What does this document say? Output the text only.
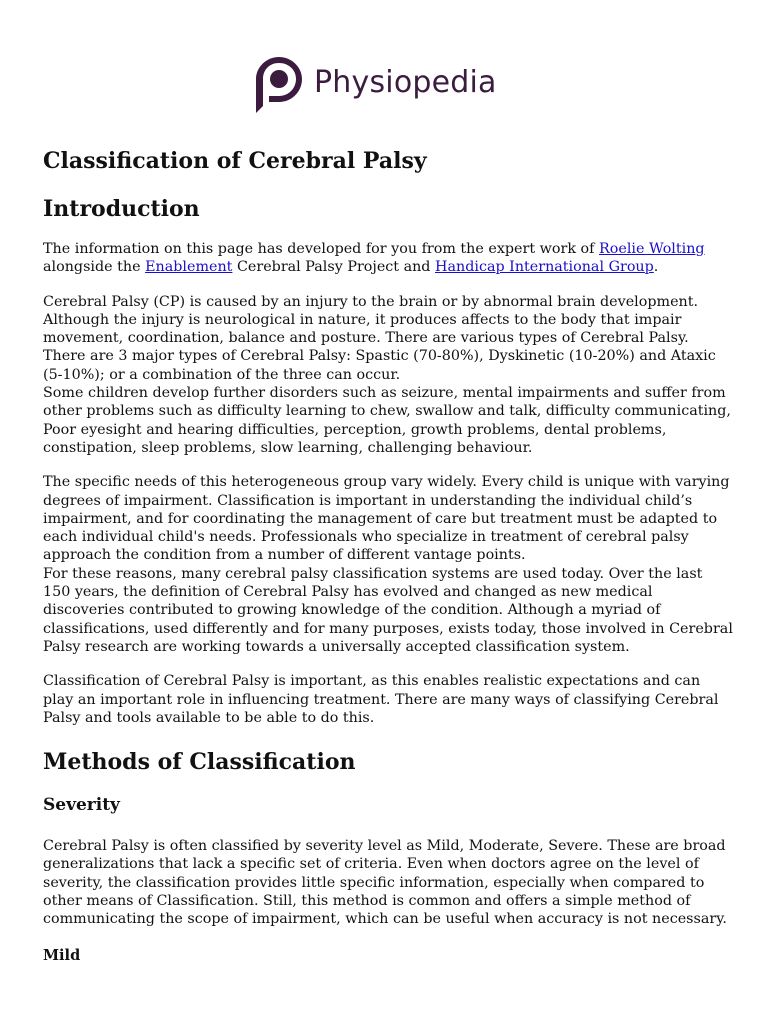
Physiopedia
Classification of Cerebral Palsy
Introduction

The information on this page has developed for you from the expert work of Roelie Wolting alongside the Enablement Cerebral Palsy Project and Handicap International Group.

Cerebral Palsy (CP) is caused by an injury to the brain or by abnormal brain development. Although the injury is neurological in nature, it produces affects to the body that impair movement, coordination, balance and posture. There are various types of Cerebral Palsy. There are 3 major types of Cerebral Palsy: Spastic (70-80%), Dyskinetic (10-20%) and Ataxic (5-10%); or a combination of the three can occur.
Some children develop further disorders such as seizure, mental impairments and suffer from other problems such as difficulty learning to chew, swallow and talk, difficulty communicating, Poor eyesight and hearing difficulties, perception, growth problems, dental problems, constipation, sleep problems, slow learning, challenging behaviour.

The specific needs of this heterogeneous group vary widely. Every child is unique with varying degrees of impairment. Classification is important in understanding the individual child’s impairment, and for coordinating the management of care but treatment must be adapted to each individual child's needs. Professionals who specialize in treatment of cerebral palsy approach the condition from a number of different vantage points.
For these reasons, many cerebral palsy classification systems are used today. Over the last 150 years, the definition of Cerebral Palsy has evolved and changed as new medical discoveries contributed to growing knowledge of the condition. Although a myriad of classifications, used differently and for many purposes, exists today, those involved in Cerebral Palsy research are working towards a universally accepted classification system.

Classification of Cerebral Palsy is important, as this enables realistic expectations and can play an important role in influencing treatment. There are many ways of classifying Cerebral Palsy and tools available to be able to do this.

Methods of Classification
Severity

Cerebral Palsy is often classified by severity level as Mild, Moderate, Severe. These are broad generalizations that lack a specific set of criteria. Even when doctors agree on the level of severity, the classification provides little specific information, especially when compared to other means of Classification. Still, this method is common and offers a simple method of communicating the scope of impairment, which can be useful when accuracy is not necessary.

Mild
